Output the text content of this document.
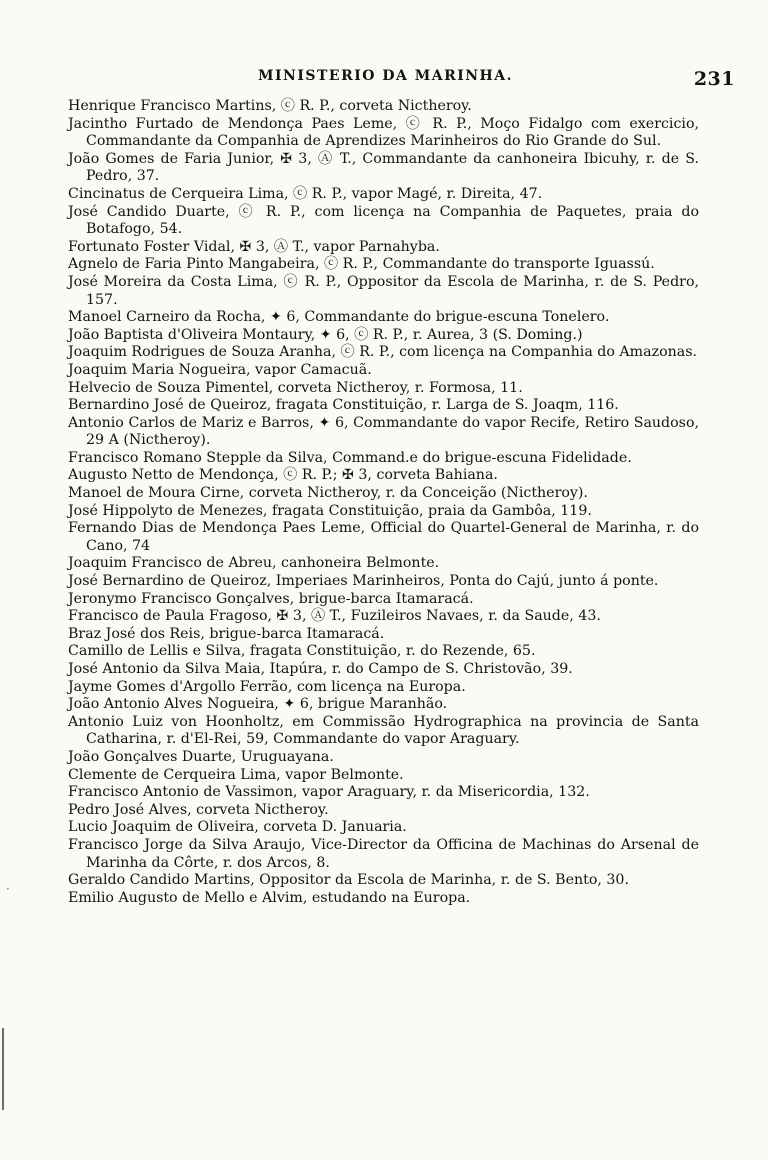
MINISTERIO DA MARINHA.	231

Henrique Francisco Martins, ⓒ R. P., corveta Nictheroy.

Jacintho Furtado de Mendonça Paes Leme, ⓒ R. P., Moço Fidalgo com exercicio, Commandante da Companhia de Aprendizes Marinheiros do Rio Grande do Sul.

João Gomes de Faria Junior, ✠ 3, Ⓐ T., Commandante da canhoneira Ibicuhy, r. de S. Pedro, 37.

Cincinatus de Cerqueira Lima, ⓒ R. P., vapor Magé, r. Direita, 47.

José Candido Duarte, ⓒ R. P., com licença na Companhia de Paquetes, praia do Botafogo, 54.

Fortunato Foster Vidal, ✠ 3, Ⓐ T., vapor Parnahyba.

Agnelo de Faria Pinto Mangabeira, ⓒ R. P., Commandante do transporte Iguassú.

José Moreira da Costa Lima, ⓒ R. P., Oppositor da Escola de Marinha, r. de S. Pedro, 157.

Manoel Carneiro da Rocha, ✦ 6, Commandante do brigue-escuna Tonelero.

João Baptista d'Oliveira Montaury, ✦ 6, ⓒ R. P., r. Aurea, 3 (S. Doming.)

Joaquim Rodrigues de Souza Aranha, ⓒ R. P., com licença na Companhia do Amazonas.

Joaquim Maria Nogueira, vapor Camacuã.

Helvecio de Souza Pimentel, corveta Nictheroy, r. Formosa, 11.

Bernardino José de Queiroz, fragata Constituição, r. Larga de S. Joaqm, 116.

Antonio Carlos de Mariz e Barros, ✦ 6, Commandante do vapor Recife, Retiro Saudoso, 29 A (Nictheroy).

Francisco Romano Stepple da Silva, Command.e do brigue-escuna Fidelidade.

Augusto Netto de Mendonça, ⓒ R. P.; ✠ 3, corveta Bahiana.

Manoel de Moura Cirne, corveta Nictheroy, r. da Conceição (Nictheroy).

José Hippolyto de Menezes, fragata Constituição, praia da Gambôa, 119.

Fernando Dias de Mendonça Paes Leme, Official do Quartel-General de Marinha, r. do Cano, 74

Joaquim Francisco de Abreu, canhoneira Belmonte.

José Bernardino de Queiroz, Imperiaes Marinheiros, Ponta do Cajú, junto á ponte.

Jeronymo Francisco Gonçalves, brigue-barca Itamaracá.

Francisco de Paula Fragoso, ✠ 3, Ⓐ T., Fuzileiros Navaes, r. da Saude, 43.

Braz José dos Reis, brigue-barca Itamaracá.

Camillo de Lellis e Silva, fragata Constituição, r. do Rezende, 65.

José Antonio da Silva Maia, Itapúra, r. do Campo de S. Christovão, 39.

Jayme Gomes d'Argollo Ferrão, com licença na Europa.

João Antonio Alves Nogueira, ✦ 6, brigue Maranhão.

Antonio Luiz von Hoonholtz, em Commissão Hydrographica na provincia de Santa Catharina, r. d'El-Rei, 59, Commandante do vapor Araguary.

João Gonçalves Duarte, Uruguayana.

Clemente de Cerqueira Lima, vapor Belmonte.

Francisco Antonio de Vassimon, vapor Araguary, r. da Misericordia, 132.

Pedro José Alves, corveta Nictheroy.

Lucio Joaquim de Oliveira, corveta D. Januaria.

Francisco Jorge da Silva Araujo, Vice-Director da Officina de Machinas do Arsenal de Marinha da Côrte, r. dos Arcos, 8.

Geraldo Candido Martins, Oppositor da Escola de Marinha, r. de S. Bento, 30.

Emilio Augusto de Mello e Alvim, estudando na Europa.

·
